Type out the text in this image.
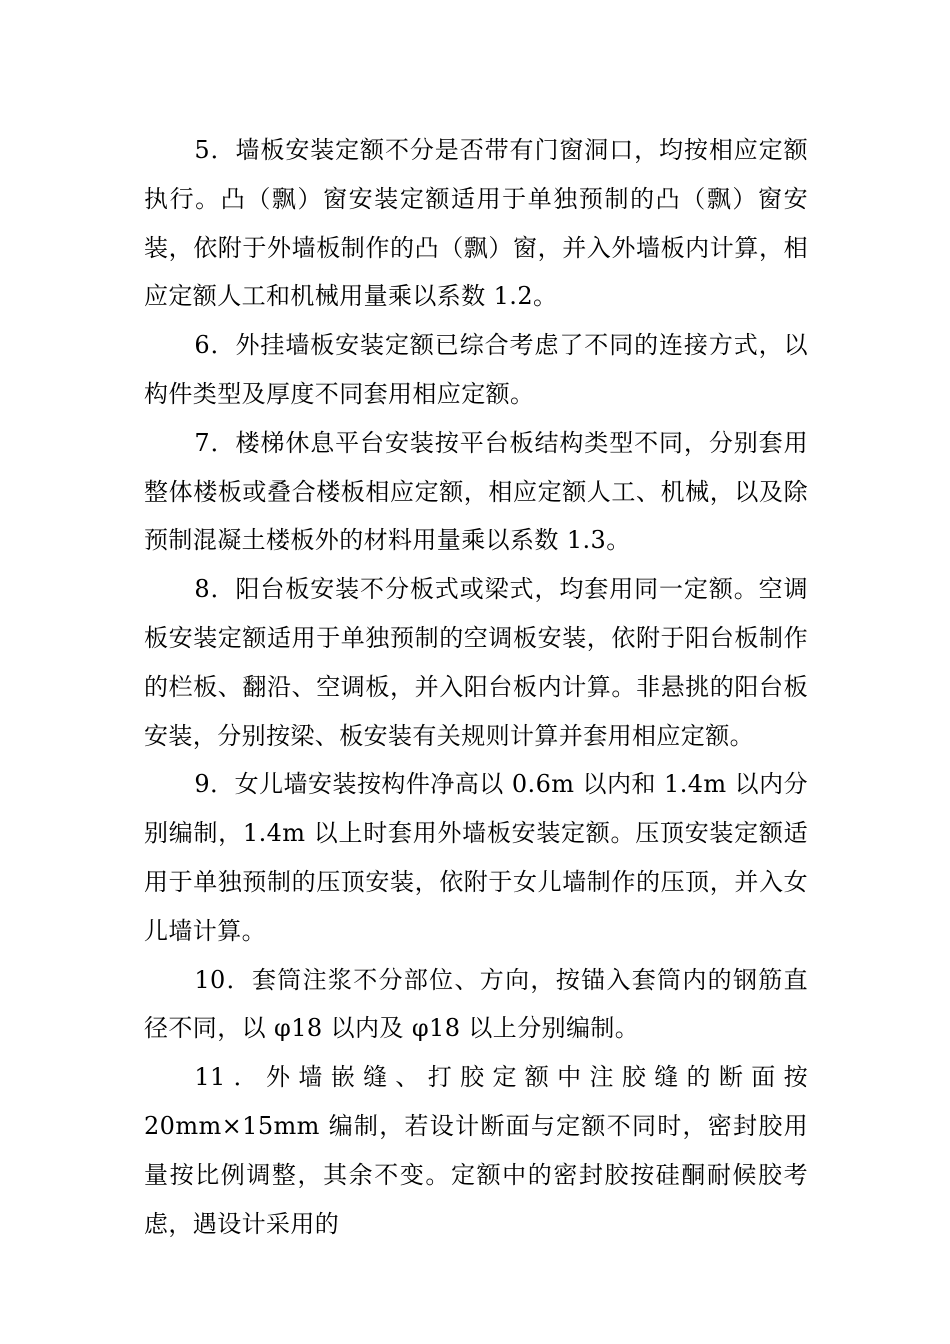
5．墙板安装定额不分是否带有门窗洞口，均按相应定额执行。凸（飘）窗安装定额适用于单独预制的凸（飘）窗安装，依附于外墙板制作的凸（飘）窗，并入外墙板内计算，相应定额人工和机械用量乘以系数 1.2。

6．外挂墙板安装定额已综合考虑了不同的连接方式，以构件类型及厚度不同套用相应定额。

7．楼梯休息平台安装按平台板结构类型不同，分别套用整体楼板或叠合楼板相应定额，相应定额人工、机械，以及除预制混凝土楼板外的材料用量乘以系数 1.3。

8．阳台板安装不分板式或梁式，均套用同一定额。空调板安装定额适用于单独预制的空调板安装，依附于阳台板制作的栏板、翻沿、空调板，并入阳台板内计算。非悬挑的阳台板安装，分别按梁、板安装有关规则计算并套用相应定额。

9．女儿墙安装按构件净高以 0.6m 以内和 1.4m 以内分别编制，1.4m 以上时套用外墙板安装定额。压顶安装定额适用于单独预制的压顶安装，依附于女儿墙制作的压顶，并入女儿墙计算。

10．套筒注浆不分部位、方向，按锚入套筒内的钢筋直径不同，以 φ18 以内及 φ18 以上分别编制。

11．外墙嵌缝、打胶定额中注胶缝的断面按 20mm×15mm 编制，若设计断面与定额不同时，密封胶用量按比例调整，其余不变。定额中的密封胶按硅酮耐候胶考虑，遇设计采用的
